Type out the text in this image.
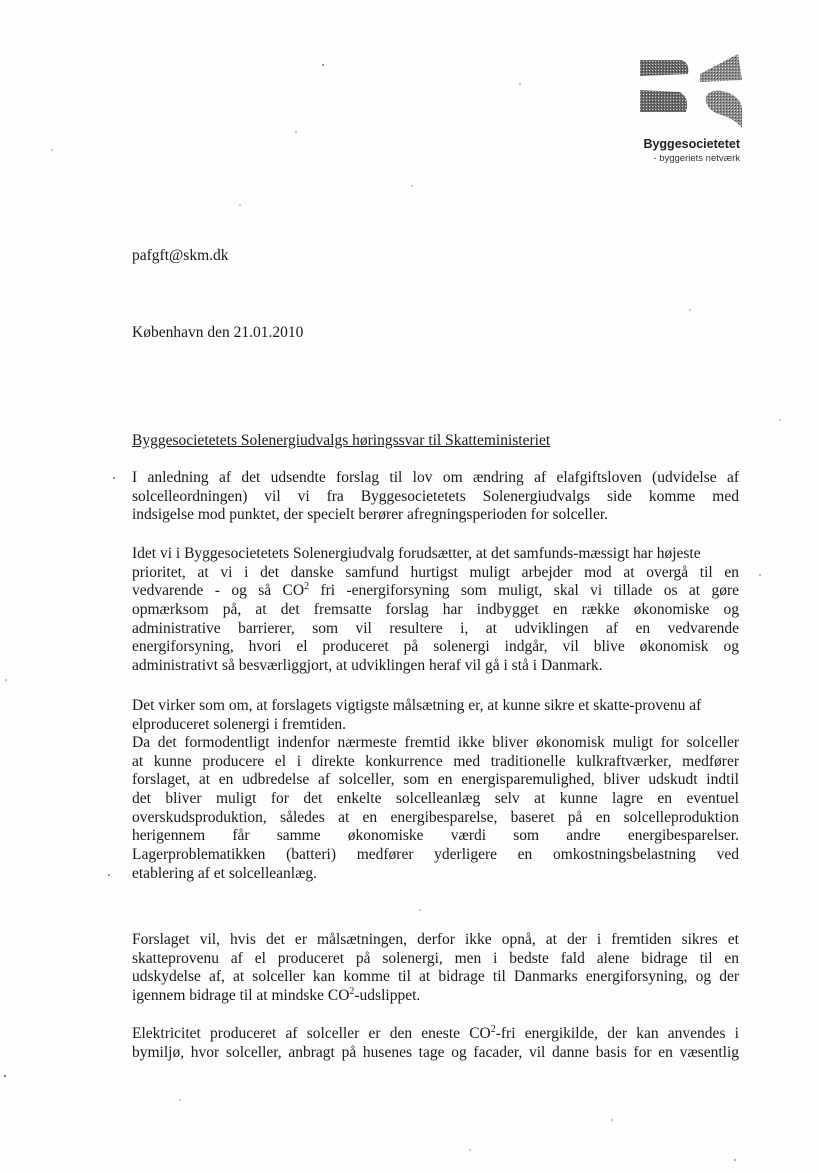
Byggesocietetet
- byggeriets netværk
pafgft@skm.dk
København den 21.01.2010
Byggesocietetets Solenergiudvalgs høringssvar til Skatteministeriet
I anledning af det udsendte forslag til lov om ændring af elafgiftsloven (udvidelse af
solcelleordningen) vil vi fra Byggesocietetets Solenergiudvalgs side komme med
indsigelse mod punktet, der specielt berører afregningsperioden for solceller.
Idet vi i Byggesocietetets Solenergiudvalg forudsætter, at det samfunds-mæssigt har højeste
prioritet, at vi i det danske samfund hurtigst muligt arbejder mod at overgå til en
vedvarende - og så $CO^2$ fri -energiforsyning som muligt, skal vi tillade os at gøre
opmærksom på, at det fremsatte forslag har indbygget en række økonomiske og
administrative barrierer, som vil resultere i, at udviklingen af en vedvarende
energiforsyning, hvori el produceret på solenergi indgår, vil blive økonomisk og
administrativt så besværliggjort, at udviklingen heraf vil gå i stå i Danmark.
Det virker som om, at forslagets vigtigste målsætning er, at kunne sikre et skatte-provenu af
elproduceret solenergi i fremtiden.
Da det formodentligt indenfor nærmeste fremtid ikke bliver økonomisk muligt for solceller
at kunne producere el i direkte konkurrence med traditionelle kulkraftværker, medfører
forslaget, at en udbredelse af solceller, som en energisparemulighed, bliver udskudt indtil
det bliver muligt for det enkelte solcelleanlæg selv at kunne lagre en eventuel
overskudsproduktion, således at en energibesparelse, baseret på en solcelleproduktion
herigennem får samme økonomiske værdi som andre energibesparelser.
Lagerproblematikken (batteri) medfører yderligere en omkostningsbelastning ved
etablering af et solcelleanlæg.
Forslaget vil, hvis det er målsætningen, derfor ikke opnå, at der i fremtiden sikres et
skatteprovenu af el produceret på solenergi, men i bedste fald alene bidrage til en
udskydelse af, at solceller kan komme til at bidrage til Danmarks energiforsyning, og der
igennem bidrage til at mindske $CO^2$-udslippet.
Elektricitet produceret af solceller er den eneste $CO^2$-fri energikilde, der kan anvendes i
bymiljø, hvor solceller, anbragt på husenes tage og facader, vil danne basis for en væsentlig
